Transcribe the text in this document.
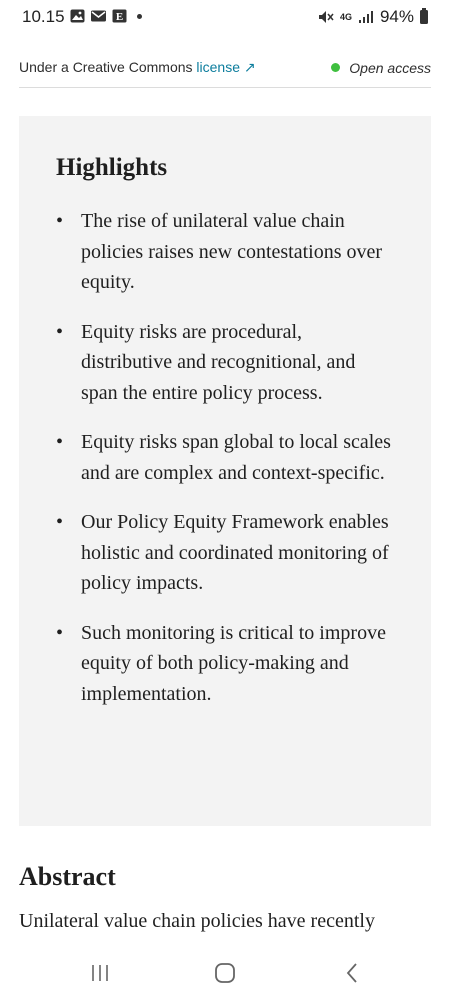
10.15	E	4G 94%
Under a Creative Commons license ↗	Open access
Highlights
• The rise of unilateral value chain policies raises new contestations over equity.
• Equity risks are procedural, distributive and recognitional, and span the entire policy process.
• Equity risks span global to local scales and are complex and context-specific.
• Our Policy Equity Framework enables holistic and coordinated monitoring of policy impacts.
• Such monitoring is critical to improve equity of both policy-making and implementation.
Abstract

Unilateral value chain policies have recently
